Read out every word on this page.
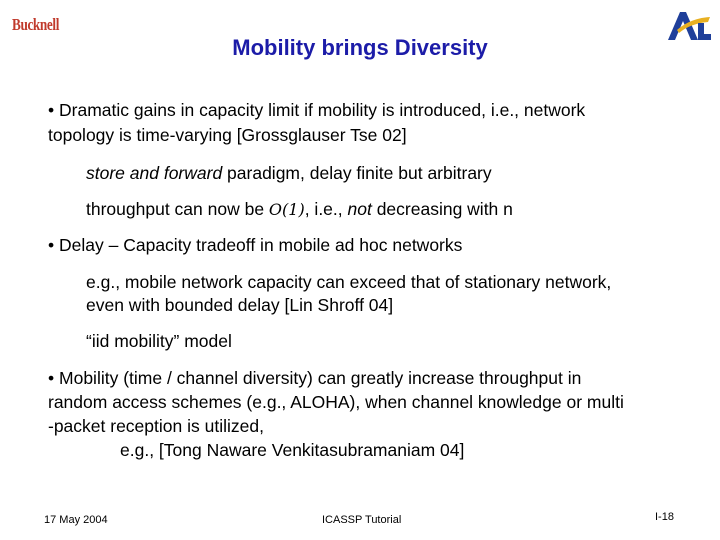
Bucknell
Mobility brings Diversity
• Dramatic gains in capacity limit if mobility is introduced, i.e., network
topology is time-varying [Grossglauser Tse 02]
store and forward paradigm, delay finite but arbitrary
throughput can now be O(1), i.e., not decreasing with n
• Delay – Capacity tradeoff in mobile ad hoc networks
e.g., mobile network capacity can exceed that of stationary network,
even with bounded delay [Lin Shroff 04]
“iid mobility” model
• Mobility (time / channel diversity) can greatly increase throughput in
random access schemes (e.g., ALOHA), when channel knowledge or multi
-packet reception is utilized,
e.g., [Tong Naware Venkitasubramaniam 04]
17 May 2004	ICASSP Tutorial	I-18
